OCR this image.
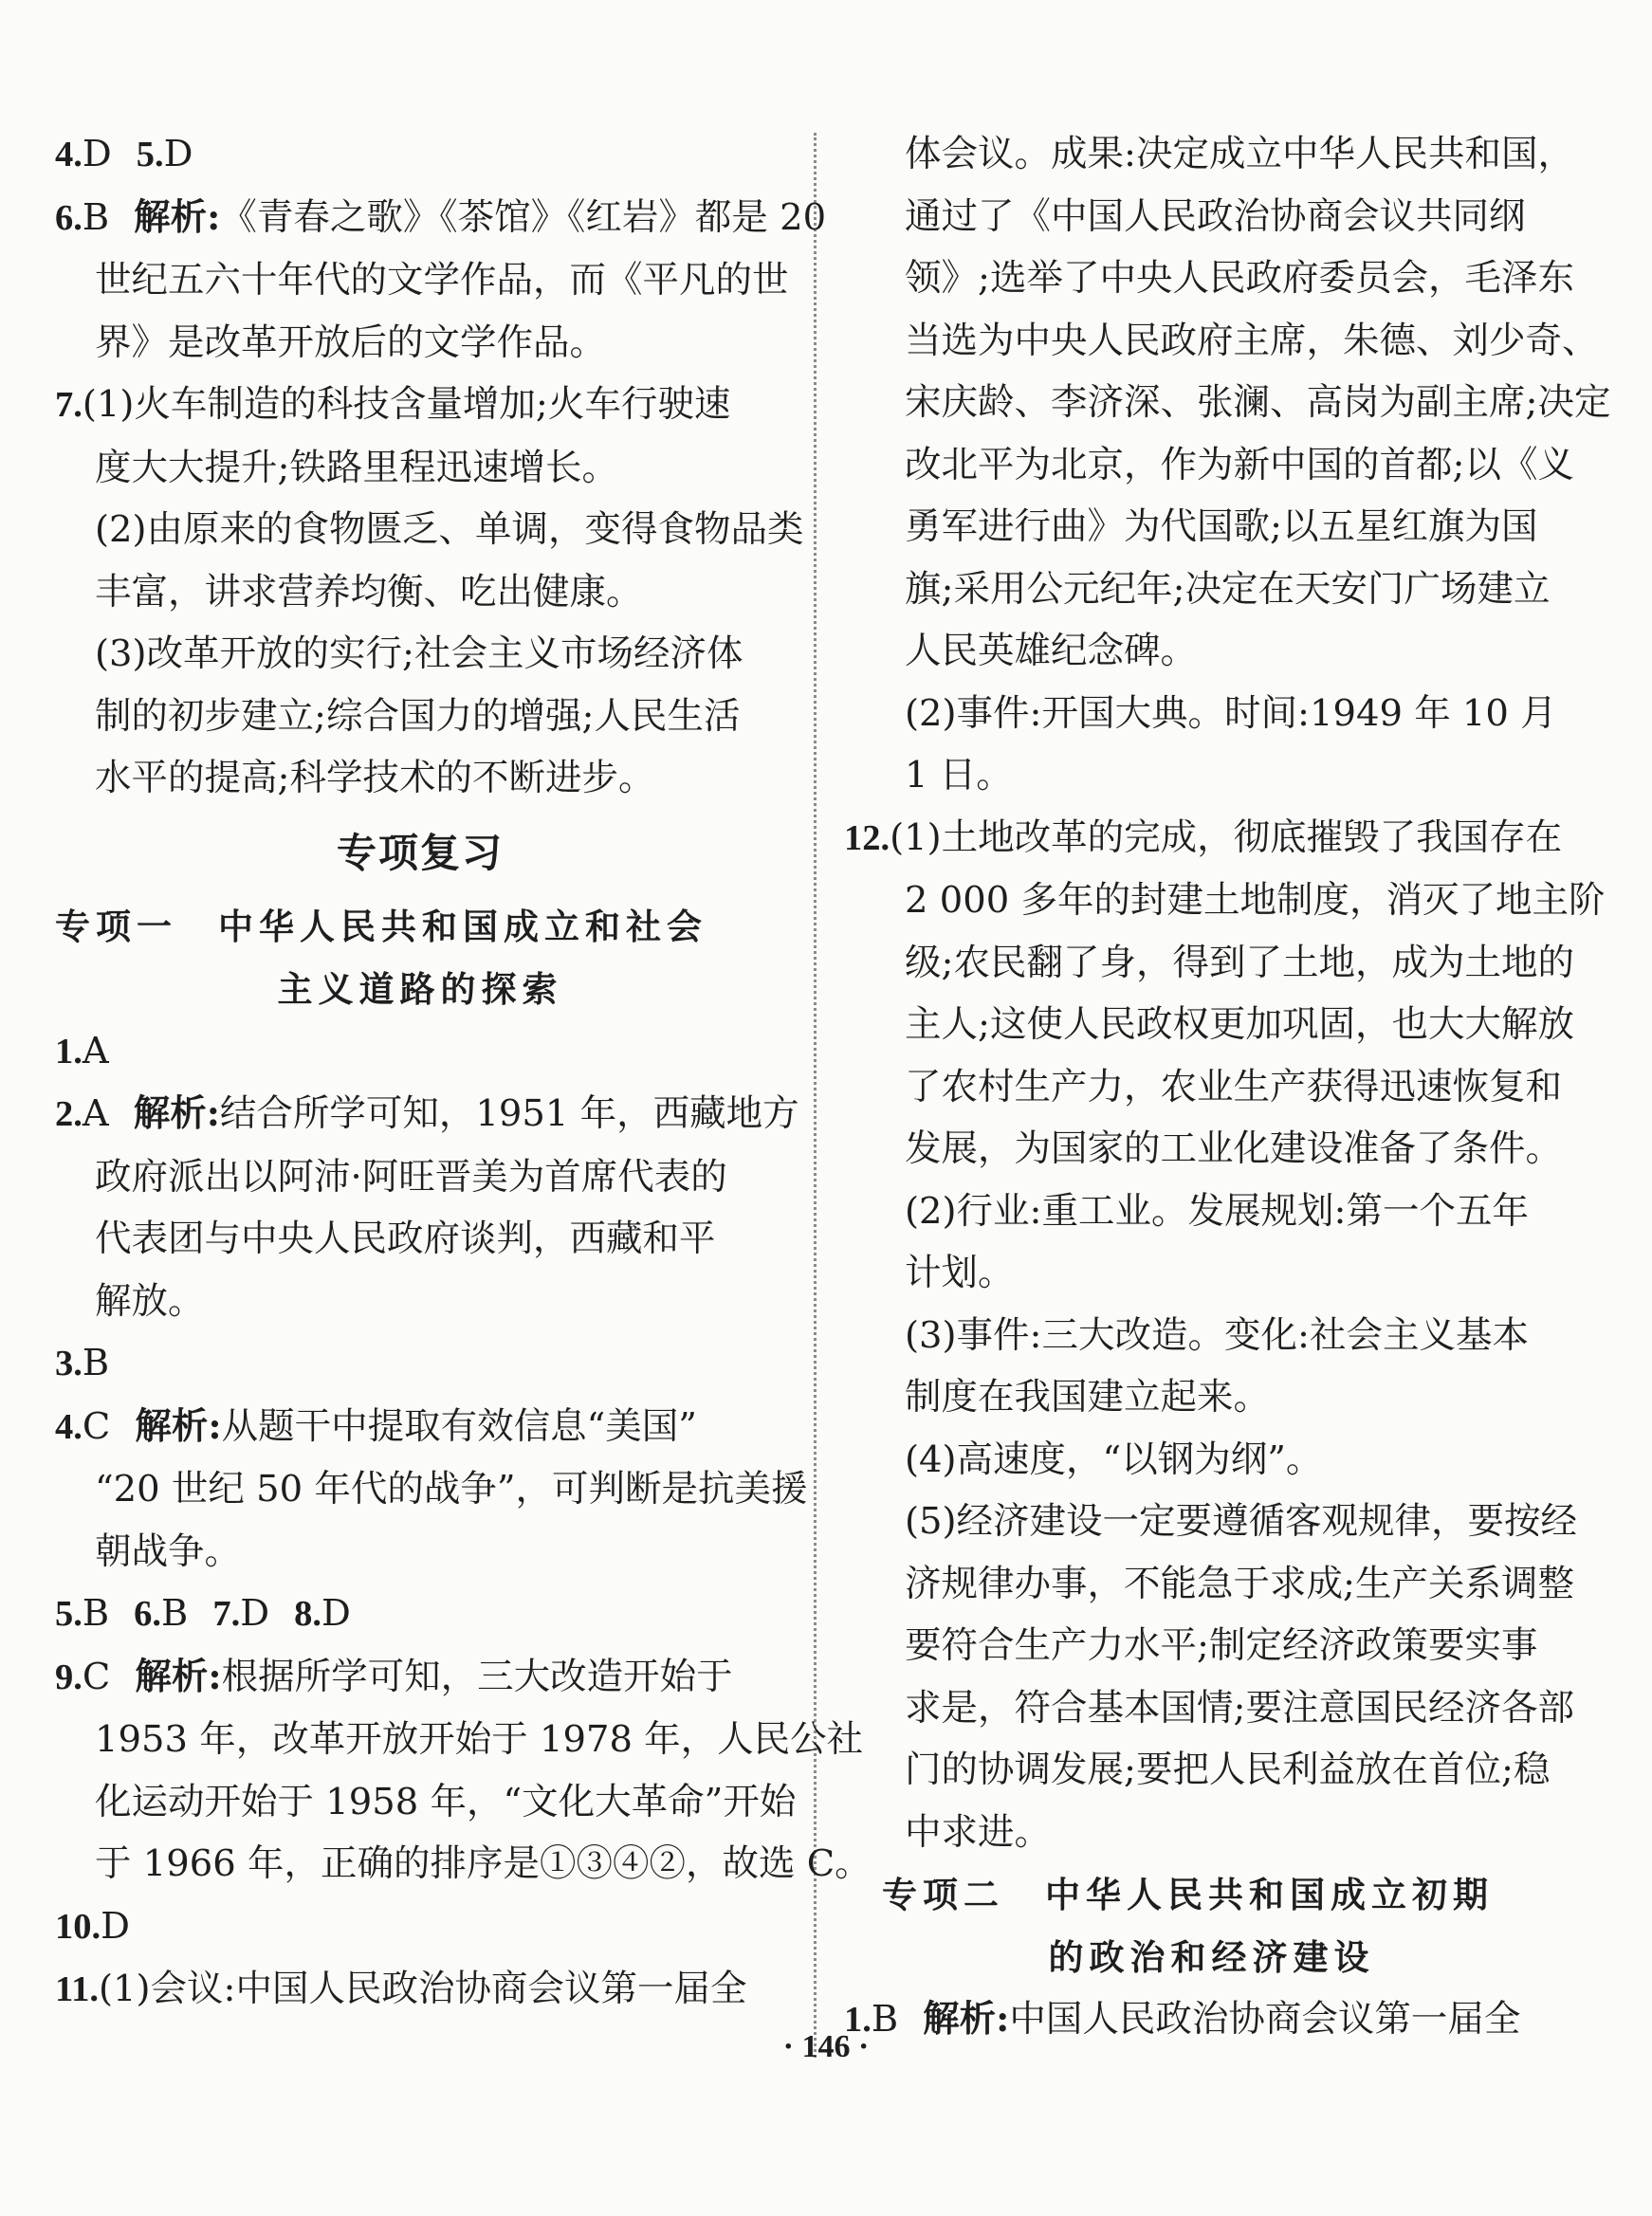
4.D 5.D
6.B 解析:《青春之歌》《茶馆》《红岩》都是 20
世纪五六十年代的文学作品，而《平凡的世
界》是改革开放后的文学作品。
7.(1)火车制造的科技含量增加;火车行驶速
度大大提升;铁路里程迅速增长。
(2)由原来的食物匮乏、单调，变得食物品类
丰富，讲求营养均衡、吃出健康。
(3)改革开放的实行;社会主义市场经济体
制的初步建立;综合国力的增强;人民生活
水平的提高;科学技术的不断进步。
专项复习
专项一　中华人民共和国成立和社会
主义道路的探索
1.A
2.A 解析:结合所学可知，1951 年，西藏地方
政府派出以阿沛·阿旺晋美为首席代表的
代表团与中央人民政府谈判，西藏和平
解放。
3.B
4.C 解析:从题干中提取有效信息“美国”
“20 世纪 50 年代的战争”，可判断是抗美援
朝战争。
5.B 6.B 7.D 8.D
9.C 解析:根据所学可知，三大改造开始于
1953 年，改革开放开始于 1978 年，人民公社
化运动开始于 1958 年，“文化大革命”开始
于 1966 年，正确的排序是①③④②，故选 C。
10.D
11.(1)会议:中国人民政治协商会议第一届全
体会议。成果:决定成立中华人民共和国，
通过了《中国人民政治协商会议共同纲
领》;选举了中央人民政府委员会，毛泽东
当选为中央人民政府主席，朱德、刘少奇、
宋庆龄、李济深、张澜、高岗为副主席;决定
改北平为北京，作为新中国的首都;以《义
勇军进行曲》为代国歌;以五星红旗为国
旗;采用公元纪年;决定在天安门广场建立
人民英雄纪念碑。
(2)事件:开国大典。时间:1949 年 10 月
1 日。
12.(1)土地改革的完成，彻底摧毁了我国存在
2 000 多年的封建土地制度，消灭了地主阶
级;农民翻了身，得到了土地，成为土地的
主人;这使人民政权更加巩固，也大大解放
了农村生产力，农业生产获得迅速恢复和
发展，为国家的工业化建设准备了条件。
(2)行业:重工业。发展规划:第一个五年
计划。
(3)事件:三大改造。变化:社会主义基本
制度在我国建立起来。
(4)高速度，“以钢为纲”。
(5)经济建设一定要遵循客观规律，要按经
济规律办事，不能急于求成;生产关系调整
要符合生产力水平;制定经济政策要实事
求是，符合基本国情;要注意国民经济各部
门的协调发展;要把人民利益放在首位;稳
中求进。
专项二　中华人民共和国成立初期
的政治和经济建设
1.B 解析:中国人民政治协商会议第一届全
· 146 ·
